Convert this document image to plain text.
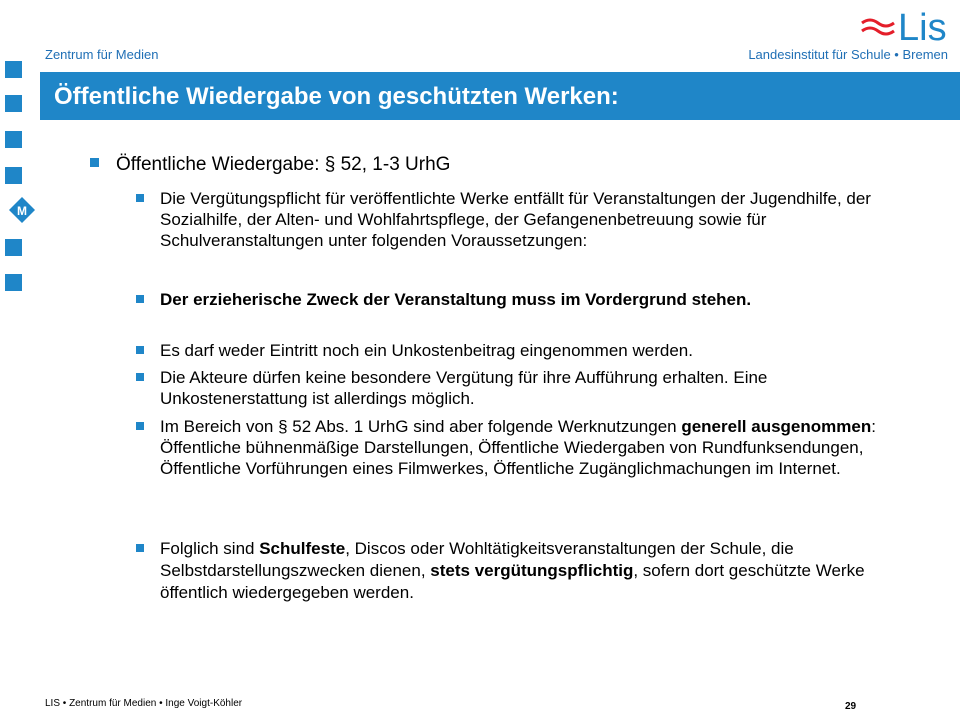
Zentrum für Medien	Landesinstitut für Schule • Bremen
Lis
Öffentliche Wiedergabe von geschützten Werken:
M
Öffentliche Wiedergabe: § 52, 1-3 UrhG
Die Vergütungspflicht für veröffentlichte Werke entfällt für Veranstaltungen der Jugendhilfe, der Sozialhilfe, der Alten- und Wohlfahrtspflege, der Gefangenenbetreuung sowie für Schulveranstaltungen unter folgenden Voraussetzungen:
Der erzieherische Zweck der Veranstaltung muss im Vordergrund stehen.
Es darf weder Eintritt noch ein Unkostenbeitrag eingenommen werden.
Die Akteure dürfen keine besondere Vergütung für ihre Aufführung erhalten. Eine Unkostenerstattung ist allerdings möglich.
Im Bereich von § 52 Abs. 1 UrhG sind aber folgende Werknutzungen generell ausgenommen: Öffentliche bühnenmäßige Darstellungen, Öffentliche Wiedergaben von Rundfunksendungen, Öffentliche Vorführungen eines Filmwerkes, Öffentliche Zugänglichmachungen im Internet.
Folglich sind Schulfeste, Discos oder Wohltätigkeitsveranstaltungen der Schule, die Selbstdarstellungszwecken dienen, stets vergütungspflichtig, sofern dort geschützte Werke öffentlich wiedergegeben werden.
LIS • Zentrum für Medien • Inge Voigt-Köhler	29
